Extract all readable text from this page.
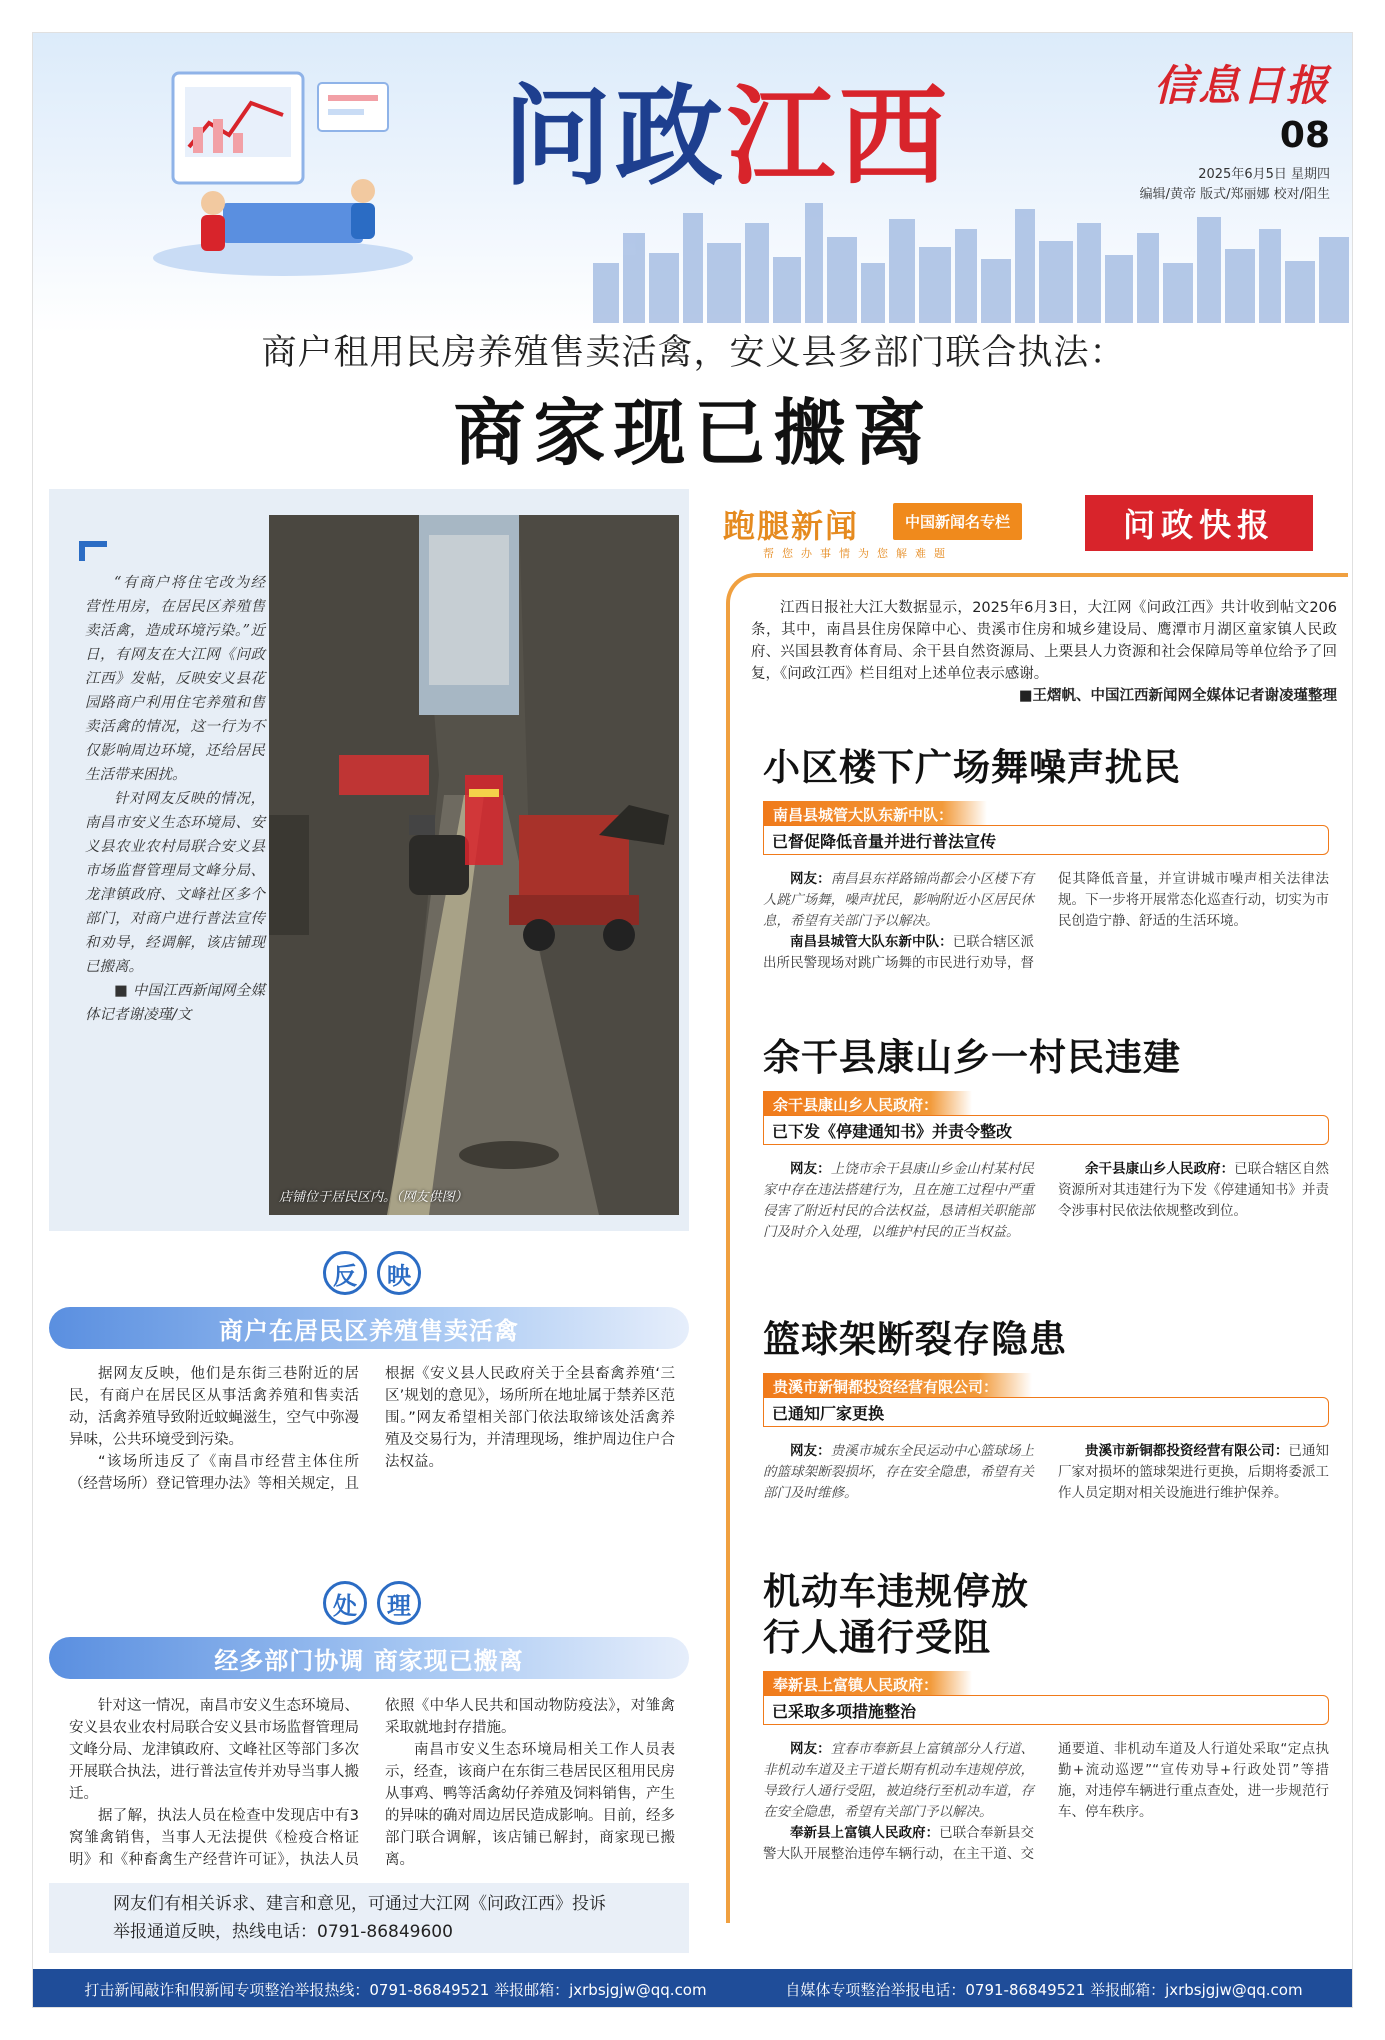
问政江西	信息日报
08
2025年6月5日 星期四
编辑/黄帝 版式/郑丽娜 校对/阳生
商户租用民房养殖售卖活禽，安义县多部门联合执法：
商家现已搬离

“有商户将住宅改为经营性用房，在居民区养殖售卖活禽，造成环境污染。”近日，有网友在大江网《问政江西》发帖，反映安义县花园路商户利用住宅养殖和售卖活禽的情况，这一行为不仅影响周边环境，还给居民生活带来困扰。

针对网友反映的情况，南昌市安义生态环境局、安义县农业农村局联合安义县市场监督管理局文峰分局、龙津镇政府、文峰社区多个部门，对商户进行普法宣传和劝导，经调解，该店铺现已搬离。

■ 中国江西新闻网全媒体记者谢凌瑾/文

店铺位于居民区内。（网友供图）
反	映
商户在居民区养殖售卖活禽

据网友反映，他们是东街三巷附近的居民，有商户在居民区从事活禽养殖和售卖活动，活禽养殖导致附近蚊蝇滋生，空气中弥漫异味，公共环境受到污染。

“该场所违反了《南昌市经营主体住所（经营场所）登记管理办法》等相关规定，且根据《安义县人民政府关于全县畜禽养殖‘三区’规划的意见》，场所所在地址属于禁养区范围。”网友希望相关部门依法取缔该处活禽养殖及交易行为，并清理现场，维护周边住户合法权益。

处	理
经多部门协调 商家现已搬离

针对这一情况，南昌市安义生态环境局、安义县农业农村局联合安义县市场监督管理局文峰分局、龙津镇政府、文峰社区等部门多次开展联合执法，进行普法宣传并劝导当事人搬迁。

据了解，执法人员在检查中发现店中有3窝雏禽销售，当事人无法提供《检疫合格证明》和《种畜禽生产经营许可证》，执法人员依照《中华人民共和国动物防疫法》，对雏禽采取就地封存措施。

南昌市安义生态环境局相关工作人员表示，经查，该商户在东街三巷居民区租用民房从事鸡、鸭等活禽幼仔养殖及饲料销售，产生的异味的确对周边居民造成影响。目前，经多部门联合调解，该店铺已解封，商家现已搬离。

网友们有相关诉求、建言和意见，可通过大江网《问政江西》投诉
举报通道反映，热线电话：0791-86849600
跑腿新闻
帮您办事情为您解难题
中国新闻名专栏	问政快报

江西日报社大江大数据显示，2025年6月3日，大江网《问政江西》共计收到帖文206条，其中，南昌县住房保障中心、贵溪市住房和城乡建设局、鹰潭市月湖区童家镇人民政府、兴国县教育体育局、余干县自然资源局、上栗县人力资源和社会保障局等单位给予了回复，《问政江西》栏目组对上述单位表示感谢。

■王熠帆、中国江西新闻网全媒体记者谢凌瑾整理

小区楼下广场舞噪声扰民
南昌县城管大队东新中队：
已督促降低音量并进行普法宣传

网友：南昌县东祥路锦尚都会小区楼下有人跳广场舞，噪声扰民，影响附近小区居民休息，希望有关部门予以解决。

南昌县城管大队东新中队：已联合辖区派出所民警现场对跳广场舞的市民进行劝导，督促其降低音量，并宣讲城市噪声相关法律法规。下一步将开展常态化巡查行动，切实为市民创造宁静、舒适的生活环境。

余干县康山乡一村民违建
余干县康山乡人民政府：
已下发《停建通知书》并责令整改

网友：上饶市余干县康山乡金山村某村民家中存在违法搭建行为，且在施工过程中严重侵害了附近村民的合法权益，恳请相关职能部门及时介入处理，以维护村民的正当权益。

余干县康山乡人民政府：已联合辖区自然资源所对其违建行为下发《停建通知书》并责令涉事村民依法依规整改到位。

篮球架断裂存隐患
贵溪市新铜都投资经营有限公司：
已通知厂家更换

网友：贵溪市城东全民运动中心篮球场上的篮球架断裂损坏，存在安全隐患，希望有关部门及时维修。

贵溪市新铜都投资经营有限公司：已通知厂家对损坏的篮球架进行更换，后期将委派工作人员定期对相关设施进行维护保养。

机动车违规停放
行人通行受阻
奉新县上富镇人民政府：
已采取多项措施整治

网友：宜春市奉新县上富镇部分人行道、非机动车道及主干道长期有机动车违规停放，导致行人通行受阻，被迫绕行至机动车道，存在安全隐患，希望有关部门予以解决。

奉新县上富镇人民政府：已联合奉新县交警大队开展整治违停车辆行动，在主干道、交通要道、非机动车道及人行道处采取“定点执勤+流动巡逻”“宣传劝导+行政处罚”等措施，对违停车辆进行重点查处，进一步规范行车、停车秩序。

打击新闻敲诈和假新闻专项整治举报热线：0791-86849521 举报邮箱：jxrbsjgjw@qq.com	自媒体专项整治举报电话：0791-86849521 举报邮箱：jxrbsjgjw@qq.com
